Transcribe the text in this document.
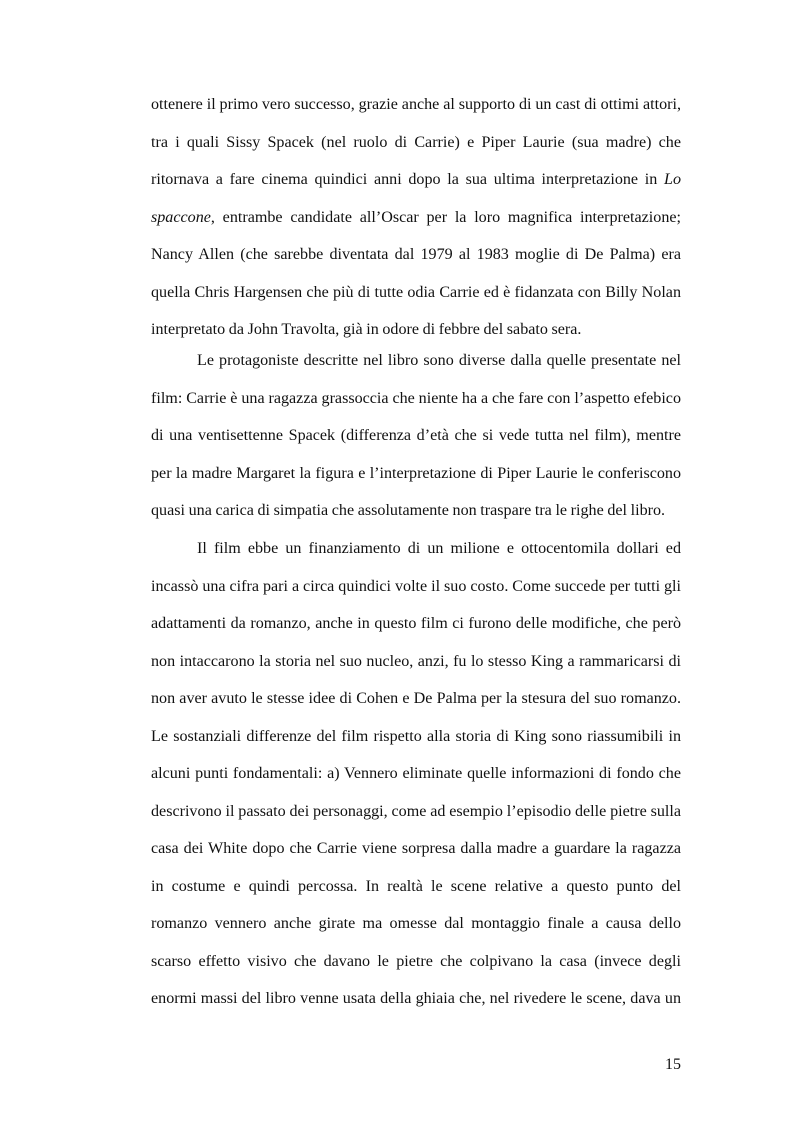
ottenere il primo vero successo, grazie anche al supporto di un cast di ottimi attori,
tra i quali Sissy Spacek (nel ruolo di Carrie) e Piper Laurie (sua madre) che
ritornava a fare cinema quindici anni dopo la sua ultima interpretazione in Lo
spaccone, entrambe candidate all’Oscar per la loro magnifica interpretazione;
Nancy Allen (che sarebbe diventata dal 1979 al 1983 moglie di De Palma) era
quella Chris Hargensen che più di tutte odia Carrie ed è fidanzata con Billy Nolan
interpretato da John Travolta, già in odore di febbre del sabato sera.
Le protagoniste descritte nel libro sono diverse dalla quelle presentate nel
film: Carrie è una ragazza grassoccia che niente ha a che fare con l’aspetto efebico
di una ventisettenne Spacek (differenza d’età che si vede tutta nel film), mentre
per la madre Margaret la figura e l’interpretazione di Piper Laurie le conferiscono
quasi una carica di simpatia che assolutamente non traspare tra le righe del libro.
Il film ebbe un finanziamento di un milione e ottocentomila dollari ed
incassò una cifra pari a circa quindici volte il suo costo. Come succede per tutti gli
adattamenti da romanzo, anche in questo film ci furono delle modifiche, che però
non intaccarono la storia nel suo nucleo, anzi, fu lo stesso King a rammaricarsi di
non aver avuto le stesse idee di Cohen e De Palma per la stesura del suo romanzo.
Le sostanziali differenze del film rispetto alla storia di King sono riassumibili in
alcuni punti fondamentali: a) Vennero eliminate quelle informazioni di fondo che
descrivono il passato dei personaggi, come ad esempio l’episodio delle pietre sulla
casa dei White dopo che Carrie viene sorpresa dalla madre a guardare la ragazza
in costume e quindi percossa. In realtà le scene relative a questo punto del
romanzo vennero anche girate ma omesse dal montaggio finale a causa dello
scarso effetto visivo che davano le pietre che colpivano la casa (invece degli
enormi massi del libro venne usata della ghiaia che, nel rivedere le scene, dava un
15
